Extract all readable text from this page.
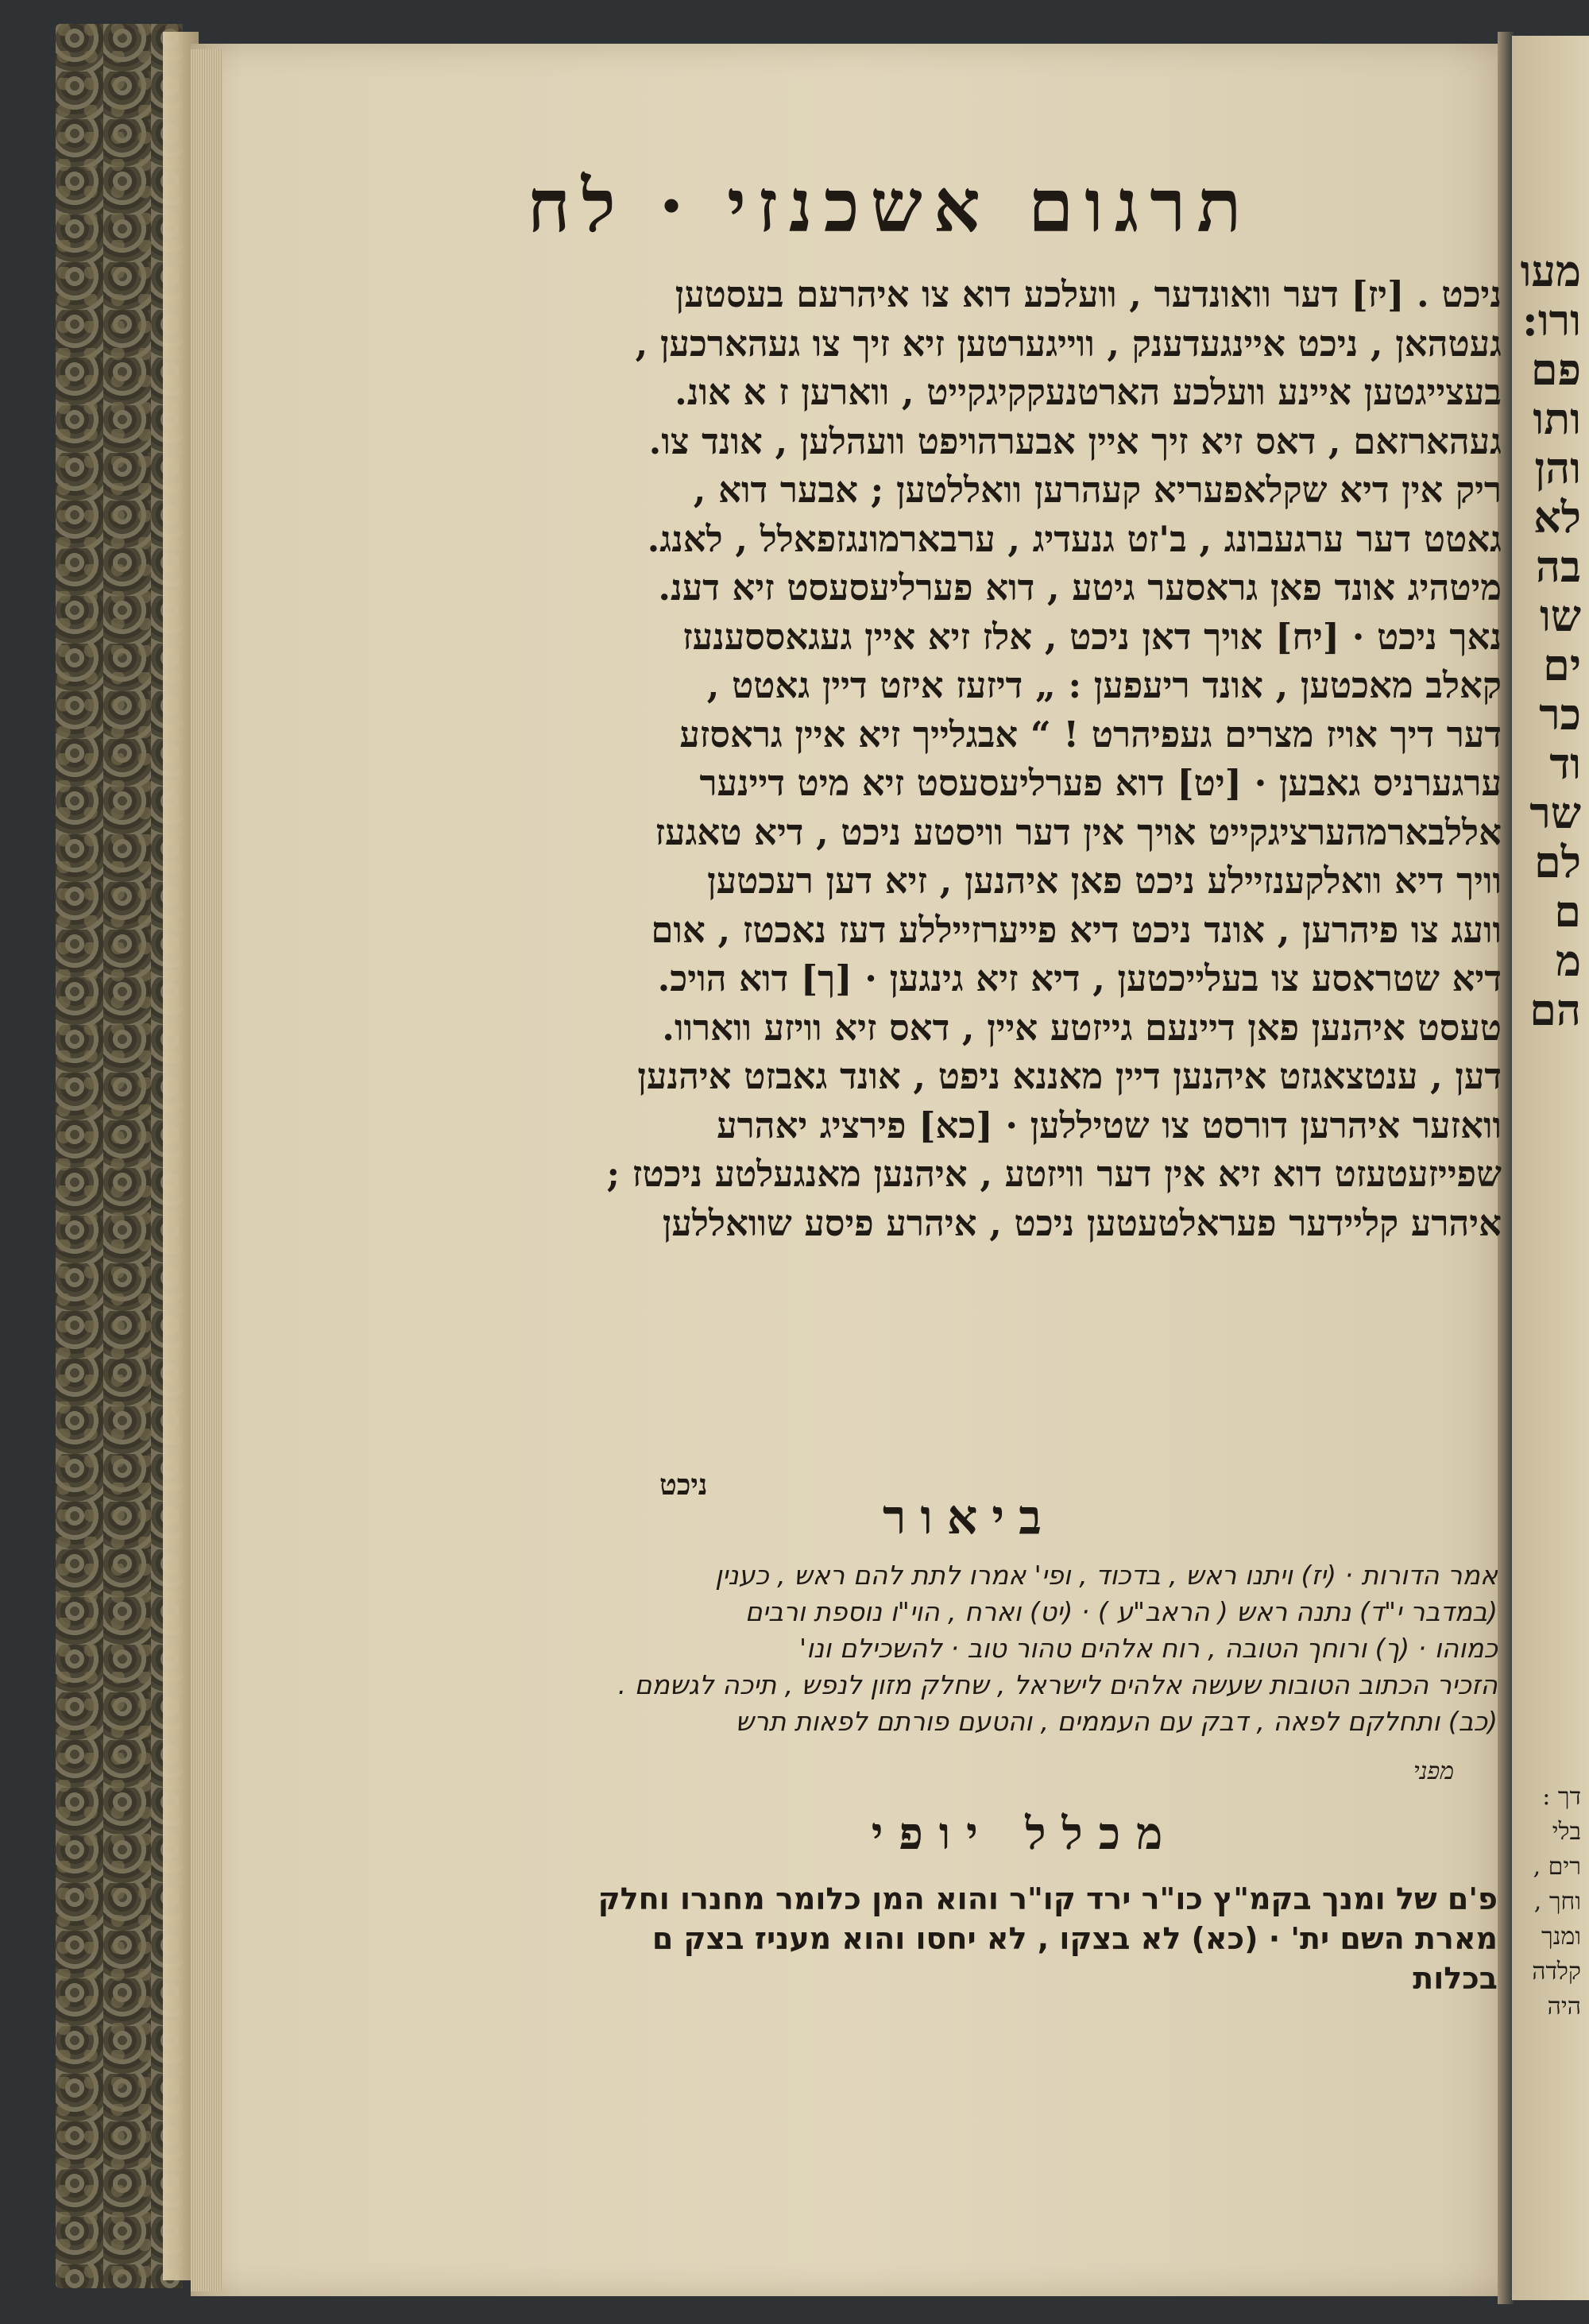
מעו
ורו:
פם
ותו
והן
לא
בה
שו
ים
כר
וד
שר
לם
ם
מ
הם
דך :
בלי
רים ,
וחך ,
ומנך
קלדה
היה
תרגום אשכנזי·לח
ניכט . [יז] דער וואונדער , וועלכע דוא צו איהרעם בעסטען
געטהאן , ניכט איינגעדענק , ווייגערטען זיא זיך צו געהארכען ,
בעצייגטען איינע וועלכע הארטנעקקיגקייט , ווארען ז א אונ.
געהארזאם , דאס זיא זיך איין אבערהויפט וועהלען , אונד צו.
ריק אין דיא שקלאפעריא קעהרען וואללטען ; אבער דוא ,
גאטט דער ערגעבונג , ב'זט גנעדיג , ערבארמונגזפאלל , לאנג.
מיטהיג אונד פאן גראסער גיטע , דוא פערליעסעסט זיא דענ.
נאך ניכט · [יח] אויך דאן ניכט , אלז זיא איין געגאססענעז
קאלב מאכטען , אונד ריעפען : „ דיזעז איזט דיין גאטט ,
דער דיך אויז מצרים געפיהרט ! “ אבגלייך זיא איין גראסזע
ערגערניס גאבען · [יט] דוא פערליעסעסט זיא מיט דיינער
אללבארמהערציגקייט אויך אין דער וויסטע ניכט , דיא טאגעז
וויך דיא וואלקענזיילע ניכט פאן איהנען , זיא דען רעכטען
וועג צו פיהרען , אונד ניכט דיא פייערזייללע דעז נאכטז , אום
דיא שטראסע צו בעלייכטען , דיא זיא גינגען · [ך] דוא הויכ.
טעסט איהנען פאן דיינעם גייזטע איין , דאס זיא וויזע ווארוו.
דען , ענטצאגזט איהנען דיין מאננא ניפט , אונד גאבזט איהנען
וואזער איהרען דורסט צו שטיללען · [כא] פירציג יאהרע
שפייזעטעזט דוא זיא אין דער וויזטע , איהנען מאנגעלטע ניכטז ;
איהרע קליידער פעראלטעטען ניכט , איהרע פיסע שוואללען
ניכט
ביאור
אמר הדורות · (יז) ויתנו ראש , בדכוד , ופי' אמרו לתת להם ראש , כענין
(במדבר י"ד) נתנה ראש ( הראב"ע ) · (יט) וארח , הוי"ו נוספת ורבים
כמוהו · (ך) ורוחך הטובה , רוח אלהים טהור טוב · להשכילם ונו'
הזכיר הכתוב הטובות שעשה אלהים לישראל , שחלק מזון לנפש , תיכה לגשמם .
(כב) ותחלקם לפאה , דבק עם העממים , והטעם פורתם לפאות תרש
מפני
מכלל יופי
פ'ם של ומנך בקמ"ץ כו"ר ירד קו"ר והוא המן כלומר מחנרו וחלק
מארת השם ית' · (כא) לא בצקו , לא יחסו והוא מעניז בצק ם
בכלות
